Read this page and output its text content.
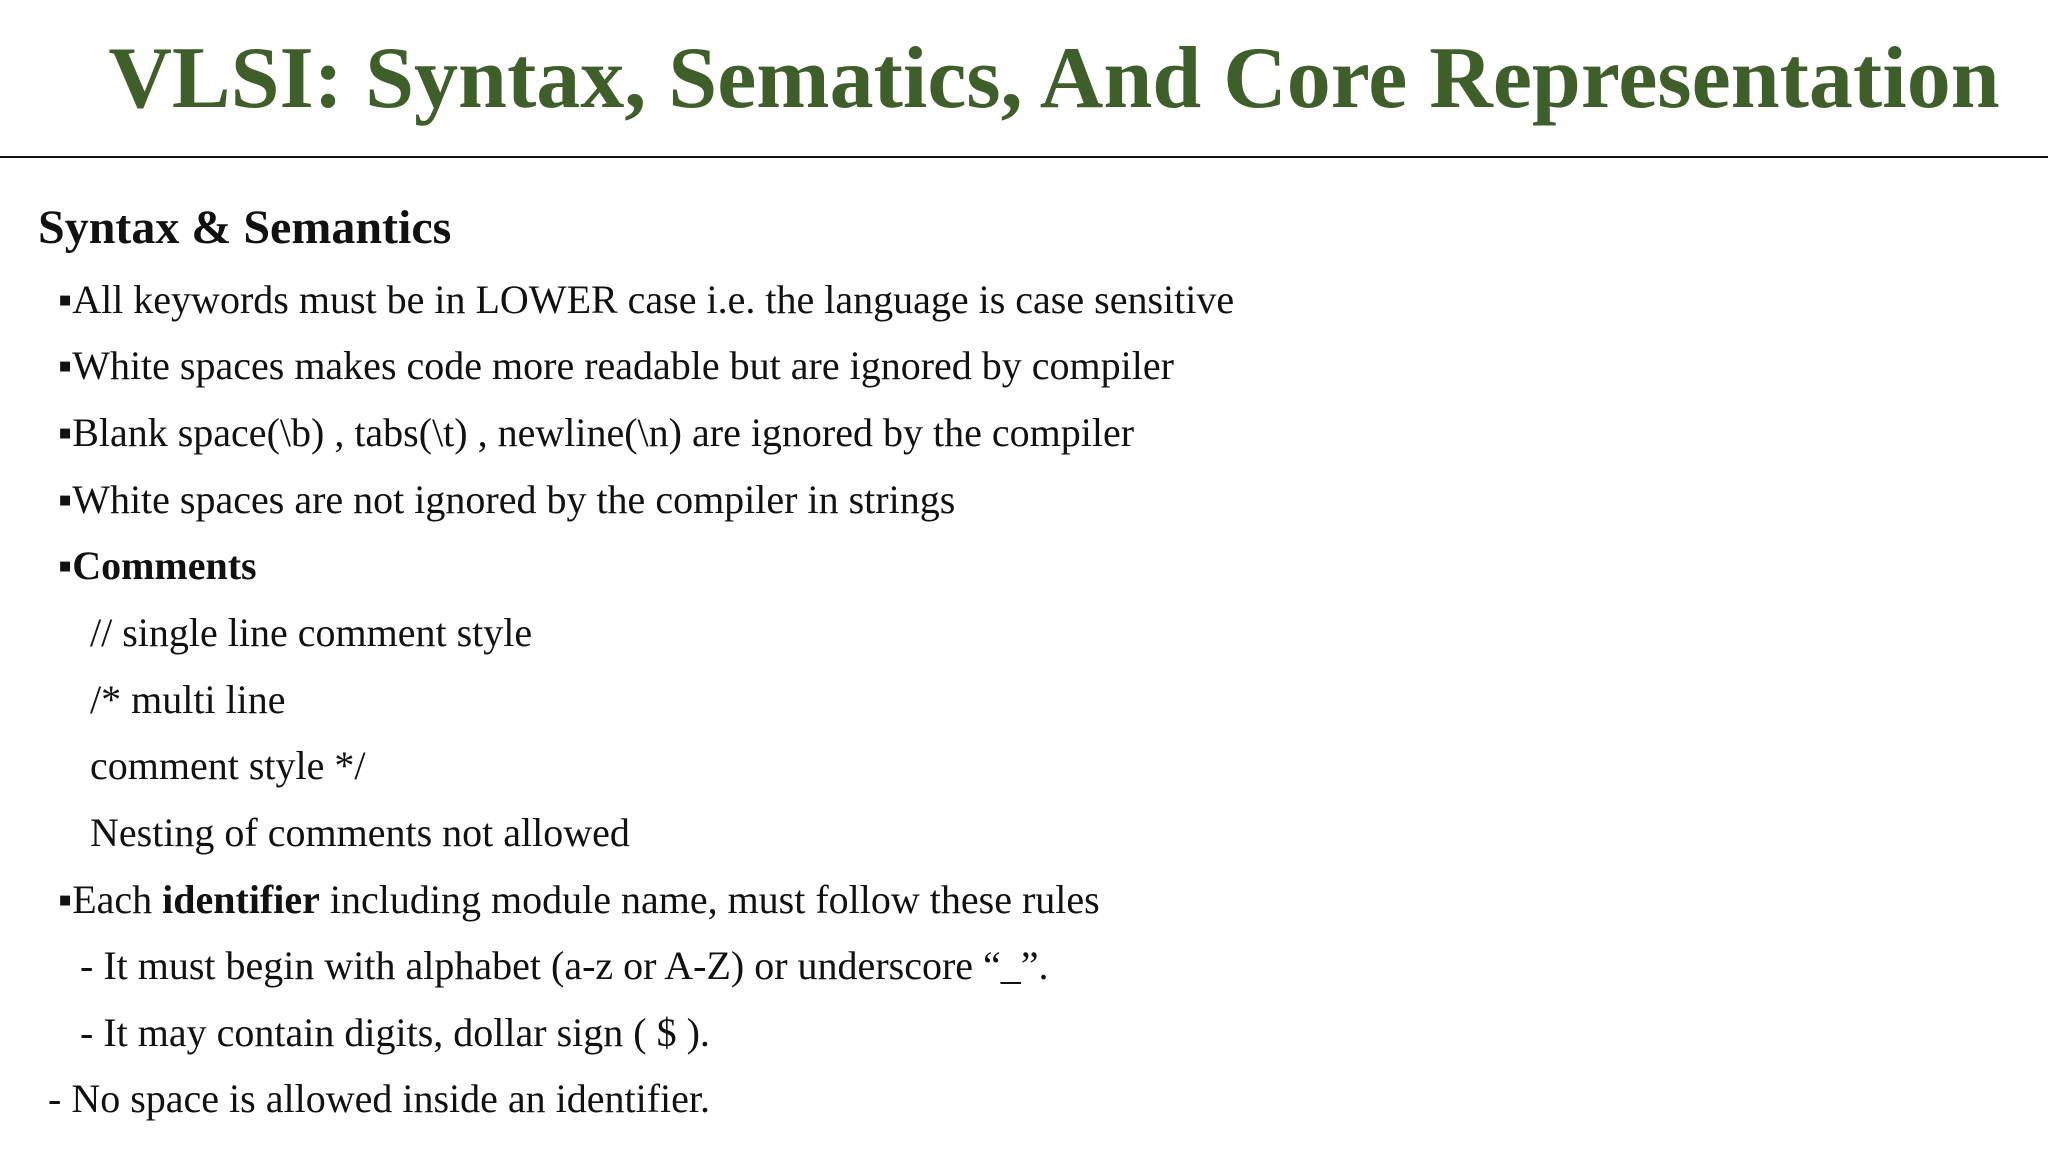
VLSI: Syntax, Sematics, And Core Representation
Syntax & Semantics
▪All keywords must be in LOWER case i.e. the language is case sensitive
▪White spaces makes code more readable but are ignored by compiler
▪Blank space(\b) , tabs(\t) , newline(\n) are ignored by the compiler
▪White spaces are not ignored by the compiler in strings
▪Comments
// single line comment style
/* multi line
comment style */
Nesting of comments not allowed
▪Each identifier including module name, must follow these rules
- It must begin with alphabet (a-z or A-Z) or underscore “_”.
- It may contain digits, dollar sign ( $ ).
- No space is allowed inside an identifier.
